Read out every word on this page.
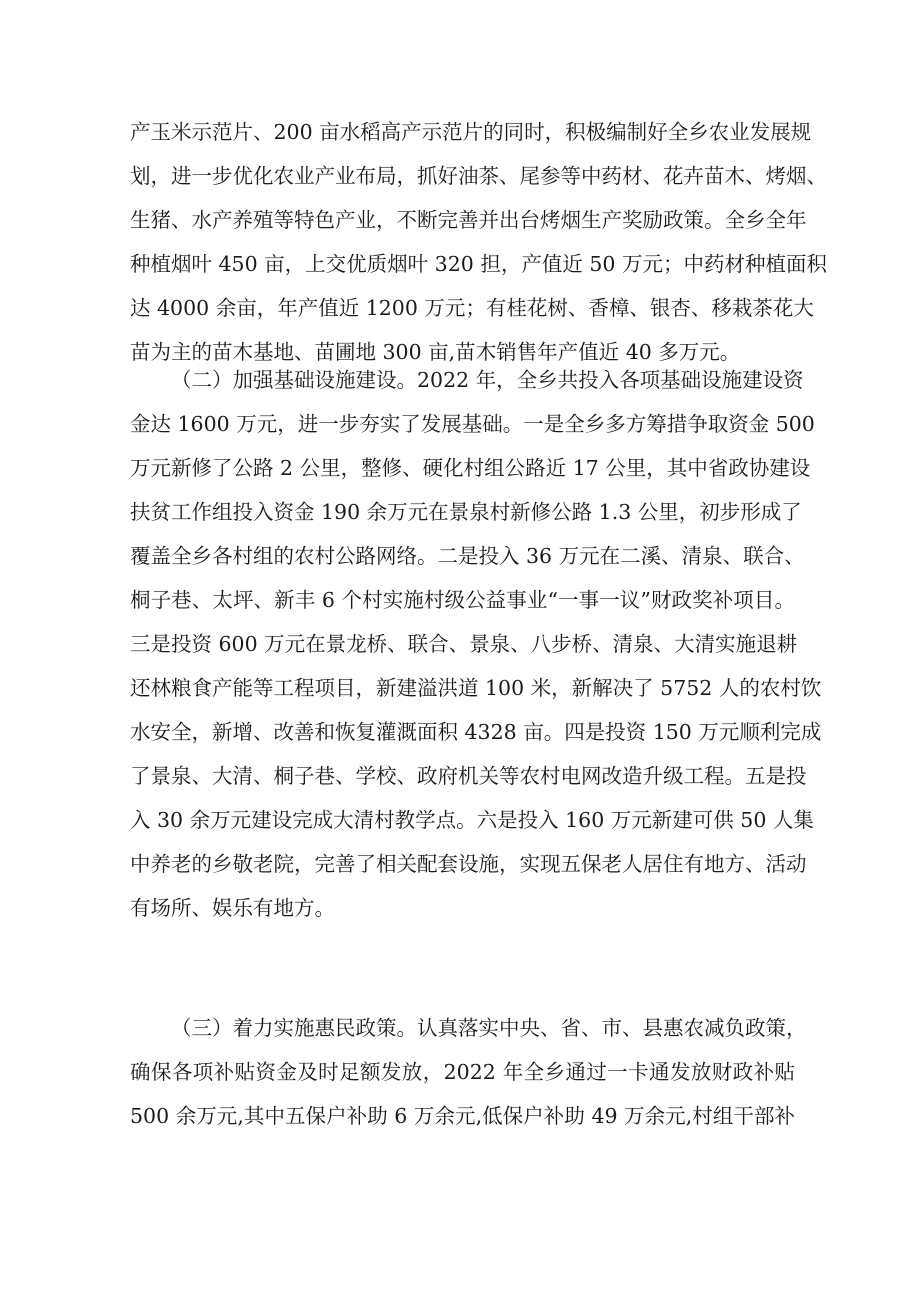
产玉米示范片、200 亩水稻高产示范片的同时，积极编制好全乡农业发展规
划，进一步优化农业产业布局，抓好油茶、尾参等中药材、花卉苗木、烤烟、
生猪、水产养殖等特色产业，不断完善并出台烤烟生产奖励政策。全乡全年
种植烟叶 450 亩，上交优质烟叶 320 担，产值近 50 万元；中药材种植面积
达 4000 余亩，年产值近 1200 万元；有桂花树、香樟、银杏、移栽茶花大
苗为主的苗木基地、苗圃地 300 亩,苗木销售年产值近 40 多万元。
（二）加强基础设施建设。2022 年，全乡共投入各项基础设施建设资
金达 1600 万元，进一步夯实了发展基础。一是全乡多方筹措争取资金 500
万元新修了公路 2 公里，整修、硬化村组公路近 17 公里，其中省政协建设
扶贫工作组投入资金 190 余万元在景泉村新修公路 1.3 公里，初步形成了
覆盖全乡各村组的农村公路网络。二是投入 36 万元在二溪、清泉、联合、
桐子巷、太坪、新丰 6 个村实施村级公益事业“一事一议”财政奖补项目。
三是投资 600 万元在景龙桥、联合、景泉、八步桥、清泉、大清实施退耕
还林粮食产能等工程项目，新建溢洪道 100 米，新解决了 5752 人的农村饮
水安全，新增、改善和恢复灌溉面积 4328 亩。四是投资 150 万元顺利完成
了景泉、大清、桐子巷、学校、政府机关等农村电网改造升级工程。五是投
入 30 余万元建设完成大清村教学点。六是投入 160 万元新建可供 50 人集
中养老的乡敬老院，完善了相关配套设施，实现五保老人居住有地方、活动
有场所、娱乐有地方。
（三）着力实施惠民政策。认真落实中央、省、市、县惠农减负政策，
确保各项补贴资金及时足额发放，2022 年全乡通过一卡通发放财政补贴
500 余万元,其中五保户补助 6 万余元,低保户补助 49 万余元,村组干部补
